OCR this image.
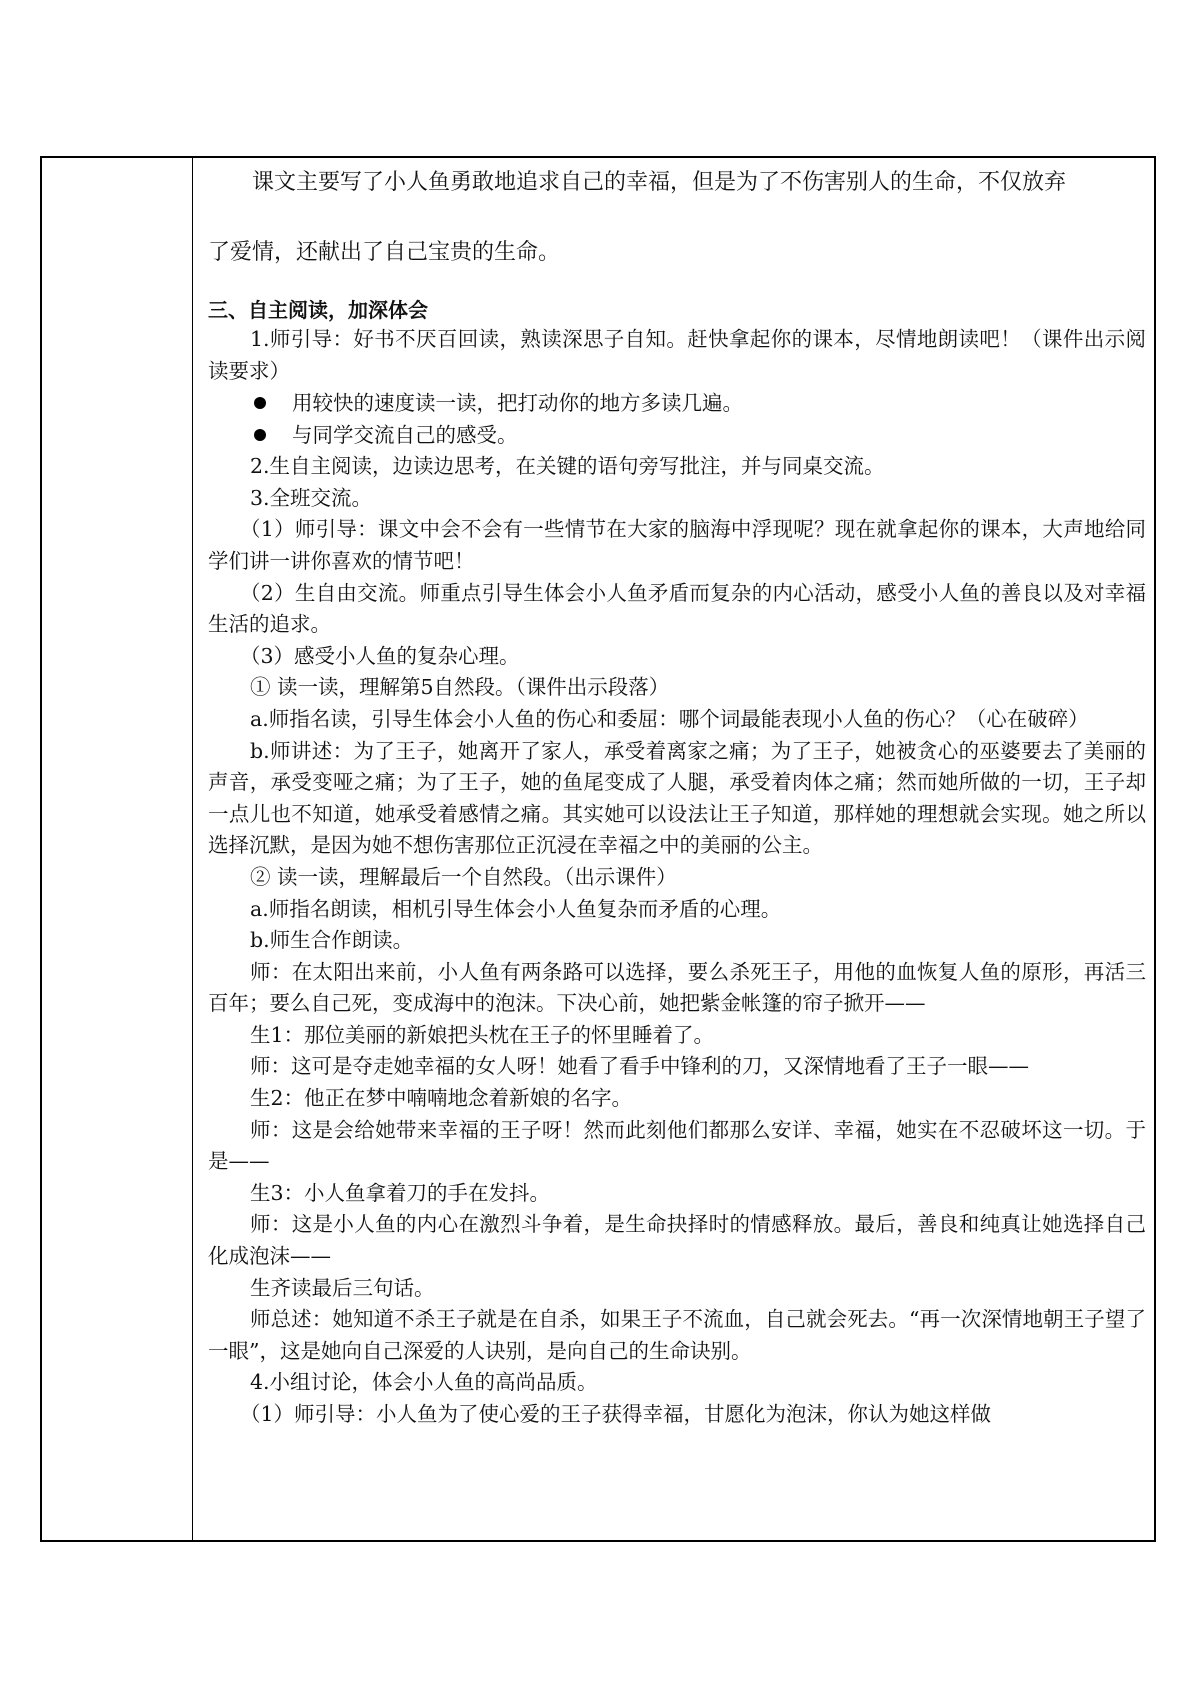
课文主要写了小人鱼勇敢地追求自己的幸福，但是为了不伤害别人的生命，不仅放弃
了爱情，还献出了自己宝贵的生命。
三、自主阅读，加深体会

1.师引导：好书不厌百回读，熟读深思子自知。赶快拿起你的课本，尽情地朗读吧！（课件出示阅读要求）

用较快的速度读一读，把打动你的地方多读几遍。
与同学交流自己的感受。

2.生自主阅读，边读边思考，在关键的语句旁写批注，并与同桌交流。

3.全班交流。

（1）师引导：课文中会不会有一些情节在大家的脑海中浮现呢？现在就拿起你的课本，大声地给同学们讲一讲你喜欢的情节吧！

（2）生自由交流。师重点引导生体会小人鱼矛盾而复杂的内心活动，感受小人鱼的善良以及对幸福生活的追求。

（3）感受小人鱼的复杂心理。

① 读一读，理解第5自然段。（课件出示段落）

a.师指名读，引导生体会小人鱼的伤心和委屈：哪个词最能表现小人鱼的伤心？（心在破碎）

b.师讲述：为了王子，她离开了家人，承受着离家之痛；为了王子，她被贪心的巫婆要去了美丽的声音，承受变哑之痛；为了王子，她的鱼尾变成了人腿，承受着肉体之痛；然而她所做的一切，王子却一点儿也不知道，她承受着感情之痛。其实她可以设法让王子知道，那样她的理想就会实现。她之所以选择沉默，是因为她不想伤害那位正沉浸在幸福之中的美丽的公主。

② 读一读，理解最后一个自然段。（出示课件）

a.师指名朗读，相机引导生体会小人鱼复杂而矛盾的心理。

b.师生合作朗读。

师：在太阳出来前，小人鱼有两条路可以选择，要么杀死王子，用他的血恢复人鱼的原形，再活三百年；要么自己死，变成海中的泡沫。下决心前，她把紫金帐篷的帘子掀开——

生1：那位美丽的新娘把头枕在王子的怀里睡着了。

师：这可是夺走她幸福的女人呀！她看了看手中锋利的刀，又深情地看了王子一眼——

生2：他正在梦中喃喃地念着新娘的名字。

师：这是会给她带来幸福的王子呀！然而此刻他们都那么安详、幸福，她实在不忍破坏这一切。于是——

生3：小人鱼拿着刀的手在发抖。

师：这是小人鱼的内心在激烈斗争着，是生命抉择时的情感释放。最后，善良和纯真让她选择自己化成泡沫——

生齐读最后三句话。

师总述：她知道不杀王子就是在自杀，如果王子不流血，自己就会死去。“再一次深情地朝王子望了一眼”，这是她向自己深爱的人诀别，是向自己的生命诀别。

4.小组讨论，体会小人鱼的高尚品质。

（1）师引导：小人鱼为了使心爱的王子获得幸福，甘愿化为泡沫，你认为她这样做
